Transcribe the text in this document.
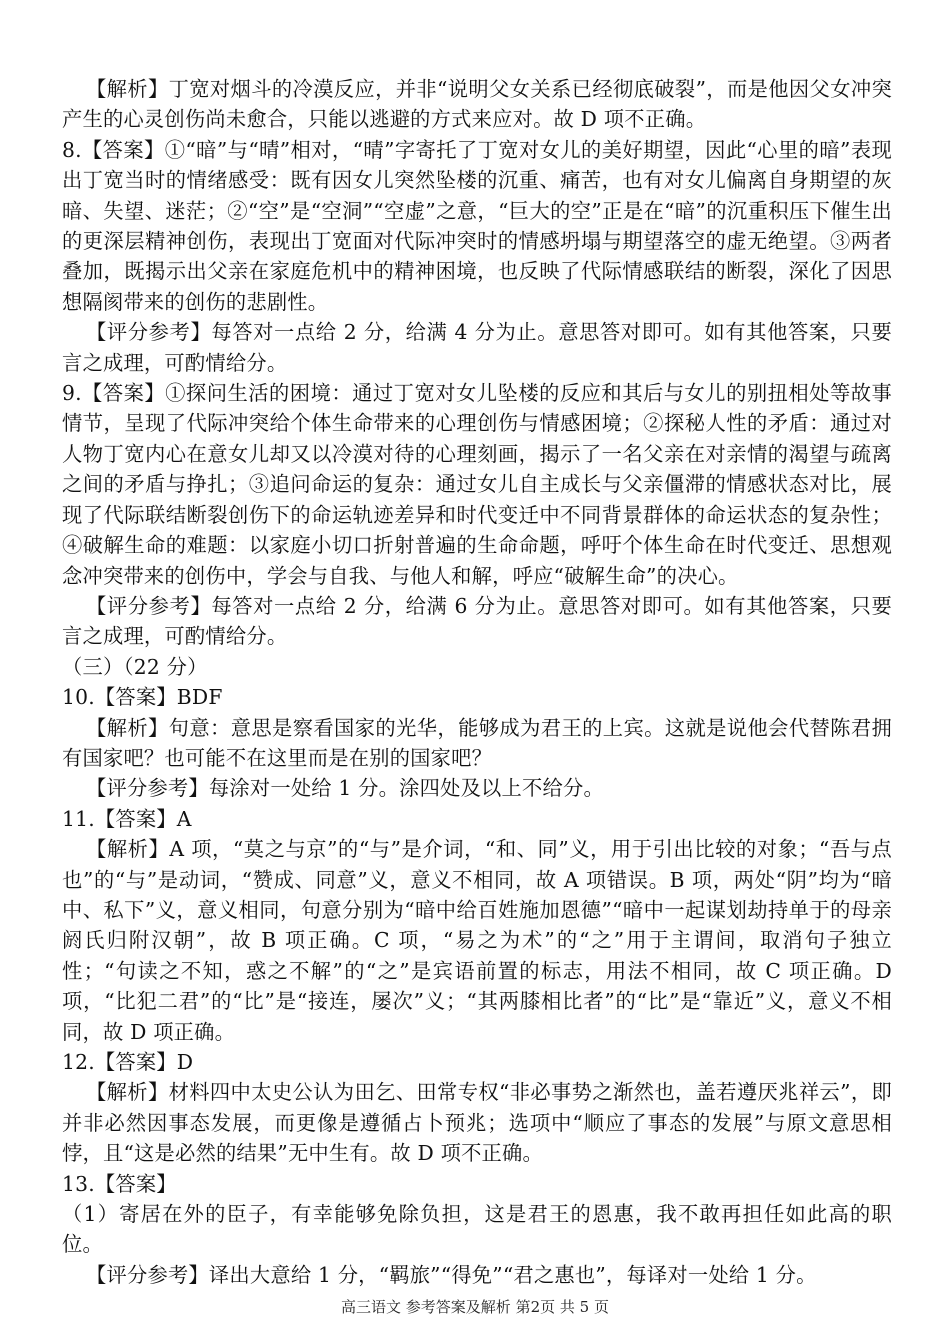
【解析】丁宽对烟斗的冷漠反应，并非“说明父女关系已经彻底破裂”，而是他因父女冲突产生的心灵创伤尚未愈合，只能以逃避的方式来应对。故 D 项不正确。

8.【答案】①“暗”与“晴”相对，“晴”字寄托了丁宽对女儿的美好期望，因此“心里的暗”表现出丁宽当时的情绪感受：既有因女儿突然坠楼的沉重、痛苦，也有对女儿偏离自身期望的灰暗、失望、迷茫；②“空”是“空洞”“空虚”之意，“巨大的空”正是在“暗”的沉重积压下催生出的更深层精神创伤，表现出丁宽面对代际冲突时的情感坍塌与期望落空的虚无绝望。③两者叠加，既揭示出父亲在家庭危机中的精神困境，也反映了代际情感联结的断裂，深化了因思想隔阂带来的创伤的悲剧性。

【评分参考】每答对一点给 2 分，给满 4 分为止。意思答对即可。如有其他答案，只要言之成理，可酌情给分。

9.【答案】①探问生活的困境：通过丁宽对女儿坠楼的反应和其后与女儿的别扭相处等故事情节，呈现了代际冲突给个体生命带来的心理创伤与情感困境；②探秘人性的矛盾：通过对人物丁宽内心在意女儿却又以冷漠对待的心理刻画，揭示了一名父亲在对亲情的渴望与疏离之间的矛盾与挣扎；③追问命运的复杂：通过女儿自主成长与父亲僵滞的情感状态对比，展现了代际联结断裂创伤下的命运轨迹差异和时代变迁中不同背景群体的命运状态的复杂性；④破解生命的难题：以家庭小切口折射普遍的生命命题，呼吁个体生命在时代变迁、思想观念冲突带来的创伤中，学会与自我、与他人和解，呼应“破解生命”的决心。

【评分参考】每答对一点给 2 分，给满 6 分为止。意思答对即可。如有其他答案，只要言之成理，可酌情给分。

（三）（22 分）

10.【答案】BDF

【解析】句意：意思是察看国家的光华，能够成为君王的上宾。这就是说他会代替陈君拥有国家吧？也可能不在这里而是在别的国家吧？

【评分参考】每涂对一处给 1 分。涂四处及以上不给分。

11.【答案】A

【解析】A 项，“莫之与京”的“与”是介词，“和、同”义，用于引出比较的对象；“吾与点也”的“与”是动词，“赞成、同意”义，意义不相同，故 A 项错误。B 项，两处“阴”均为“暗中、私下”义，意义相同，句意分别为“暗中给百姓施加恩德”“暗中一起谋划劫持单于的母亲阏氏归附汉朝”，故 B 项正确。C 项，“易之为术”的“之”用于主谓间，取消句子独立性；“句读之不知，惑之不解”的“之”是宾语前置的标志，用法不相同，故 C 项正确。D 项，“比犯二君”的“比”是“接连，屡次”义；“其两膝相比者”的“比”是“靠近”义，意义不相同，故 D 项正确。

12.【答案】D

【解析】材料四中太史公认为田乞、田常专权“非必事势之渐然也，盖若遵厌兆祥云”，即并非必然因事态发展，而更像是遵循占卜预兆；选项中“顺应了事态的发展”与原文意思相悖，且“这是必然的结果”无中生有。故 D 项不正确。

13.【答案】

（1）寄居在外的臣子，有幸能够免除负担，这是君王的恩惠，我不敢再担任如此高的职位。

【评分参考】译出大意给 1 分，“羁旅”“得免”“君之惠也”，每译对一处给 1 分。

高三语文 参考答案及解析 第2页 共 5 页
